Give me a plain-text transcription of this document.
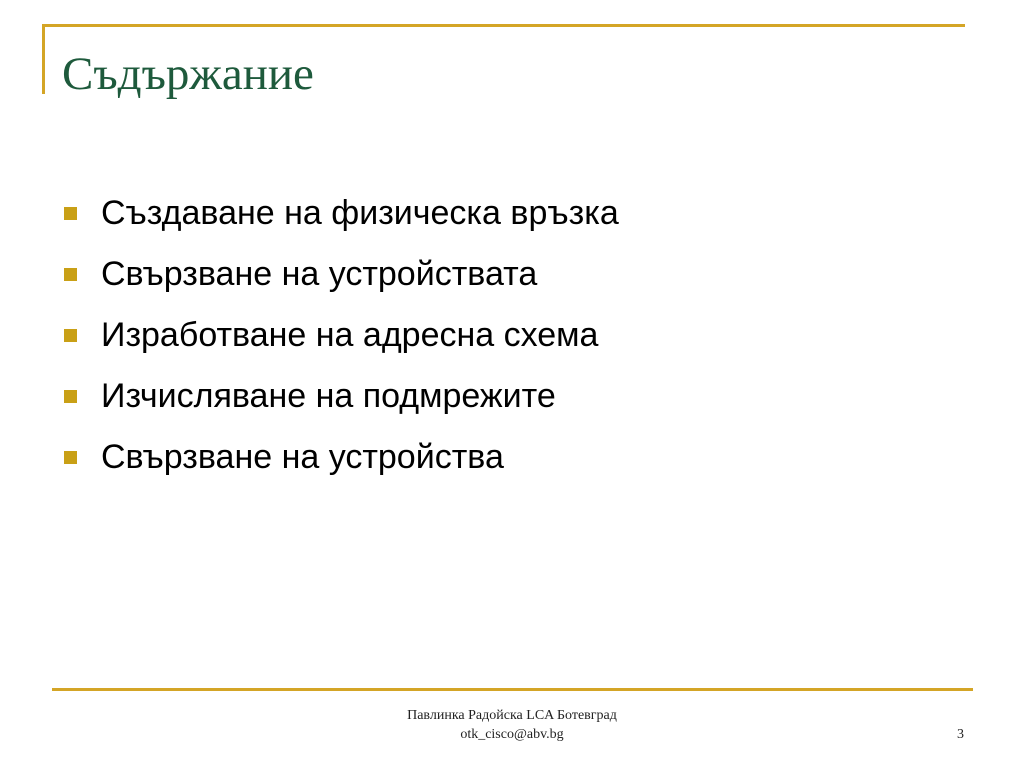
Съдържание
Създаване на физическа връзка
Свързване на устройствата
Изработване на адресна схема
Изчисляване на подмрежите
Свързване на устройства
Павлинка Радойска LCA Ботевград
otk_cisco@abv.bg	3
